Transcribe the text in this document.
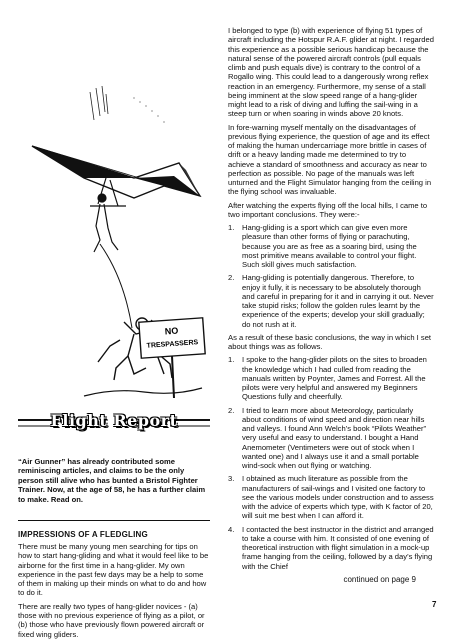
NO
TRESPASSERS
Flight Report
“Air Gunner” has already contributed some reminiscing articles, and claims to be the only person still alive who has bunted a Bristol Fighter Trainer. Now, at the age of 58, he has a further claim to make. Read on.
IMPRESSIONS OF A FLEDGLING

There must be many young men searching for tips on how to start hang-gliding and what it would feel like to be airborne for the first time in a hang-glider. My own experience in the past few days may be a help to some of them in making up their minds on what to do and how to do it.

There are really two types of hang-glider novices - (a) those with no previous experience of flying as a pilot, or (b) those who have previously flown powered aircraft or fixed wing gliders.

I belonged to type (b) with experience of flying 51 types of aircraft including the Hotspur R.A.F. glider at night. I regarded this experience as a possible serious handicap because the natural sense of the powered aircraft controls (pull equals climb and push equals dive) is contrary to the control of a Rogallo wing. This could lead to a dangerously wrong reflex reaction in an emergency. Furthermore, my sense of a stall being imminent at the slow speed range of a hang-glider might lead to a risk of diving and luffing the sail-wing in a steep turn or when soaring in winds above 20 knots.

In fore-warning myself mentally on the disadvantages of previous flying experience, the question of age and its effect of making the human undercarriage more brittle in cases of drift or a heavy landing made me determined to try to achieve a standard of smoothness and accuracy as near to perfection as possible. No page of the manuals was left unturned and the Flight Simulator hanging from the ceiling in the flying school was invaluable.

After watching the experts flying off the local hills, I came to two important conclusions. They were:-

1.	Hang-gliding is a sport which can give even more pleasure than other forms of flying or parachuting, because you are as free as a soaring bird, using the most primitive means available to control your flight. Such skill gives much satisfaction.
2.	Hang-gliding is potentially dangerous. Therefore, to enjoy it fully, it is necessary to be absolutely thorough and careful in preparing for it and in carrying it out. Never take stupid risks; follow the golden rules learnt by the experience of the experts; develop your skill gradually; do not rush at it.

As a result of these basic conclusions, the way in which I set about things was as follows.

1.	I spoke to the hang-glider pilots on the sites to broaden the knowledge which I had culled from reading the manuals written by Poynter, James and Forrest. All the pilots were very helpful and answered my Beginners Questions fully and cheerfully.
2.	I tried to learn more about Meteorology, particularly about conditions of wind speed and direction near hills and valleys. I found Ann Welch’s book “Pilots Weather” very useful and easy to understand. I bought a Hand Anemometer (Ventimeters were out of stock when I wanted one) and I always use it and a small portable wind-sock when out flying or watching.
3.	I obtained as much literature as possible from the manufacturers of sail-wings and I visited one factory to see the various models under construction and to assess with the advice of experts which type, with K factor of 20, will suit me best when I can afford it.
4.	I contacted the best instructor in the district and arranged to take a course with him. It consisted of one evening of theoretical instruction with flight simulation in a mock-up frame hanging from the ceiling, followed by a day’s flying with the Chief
continued on page 9
7
